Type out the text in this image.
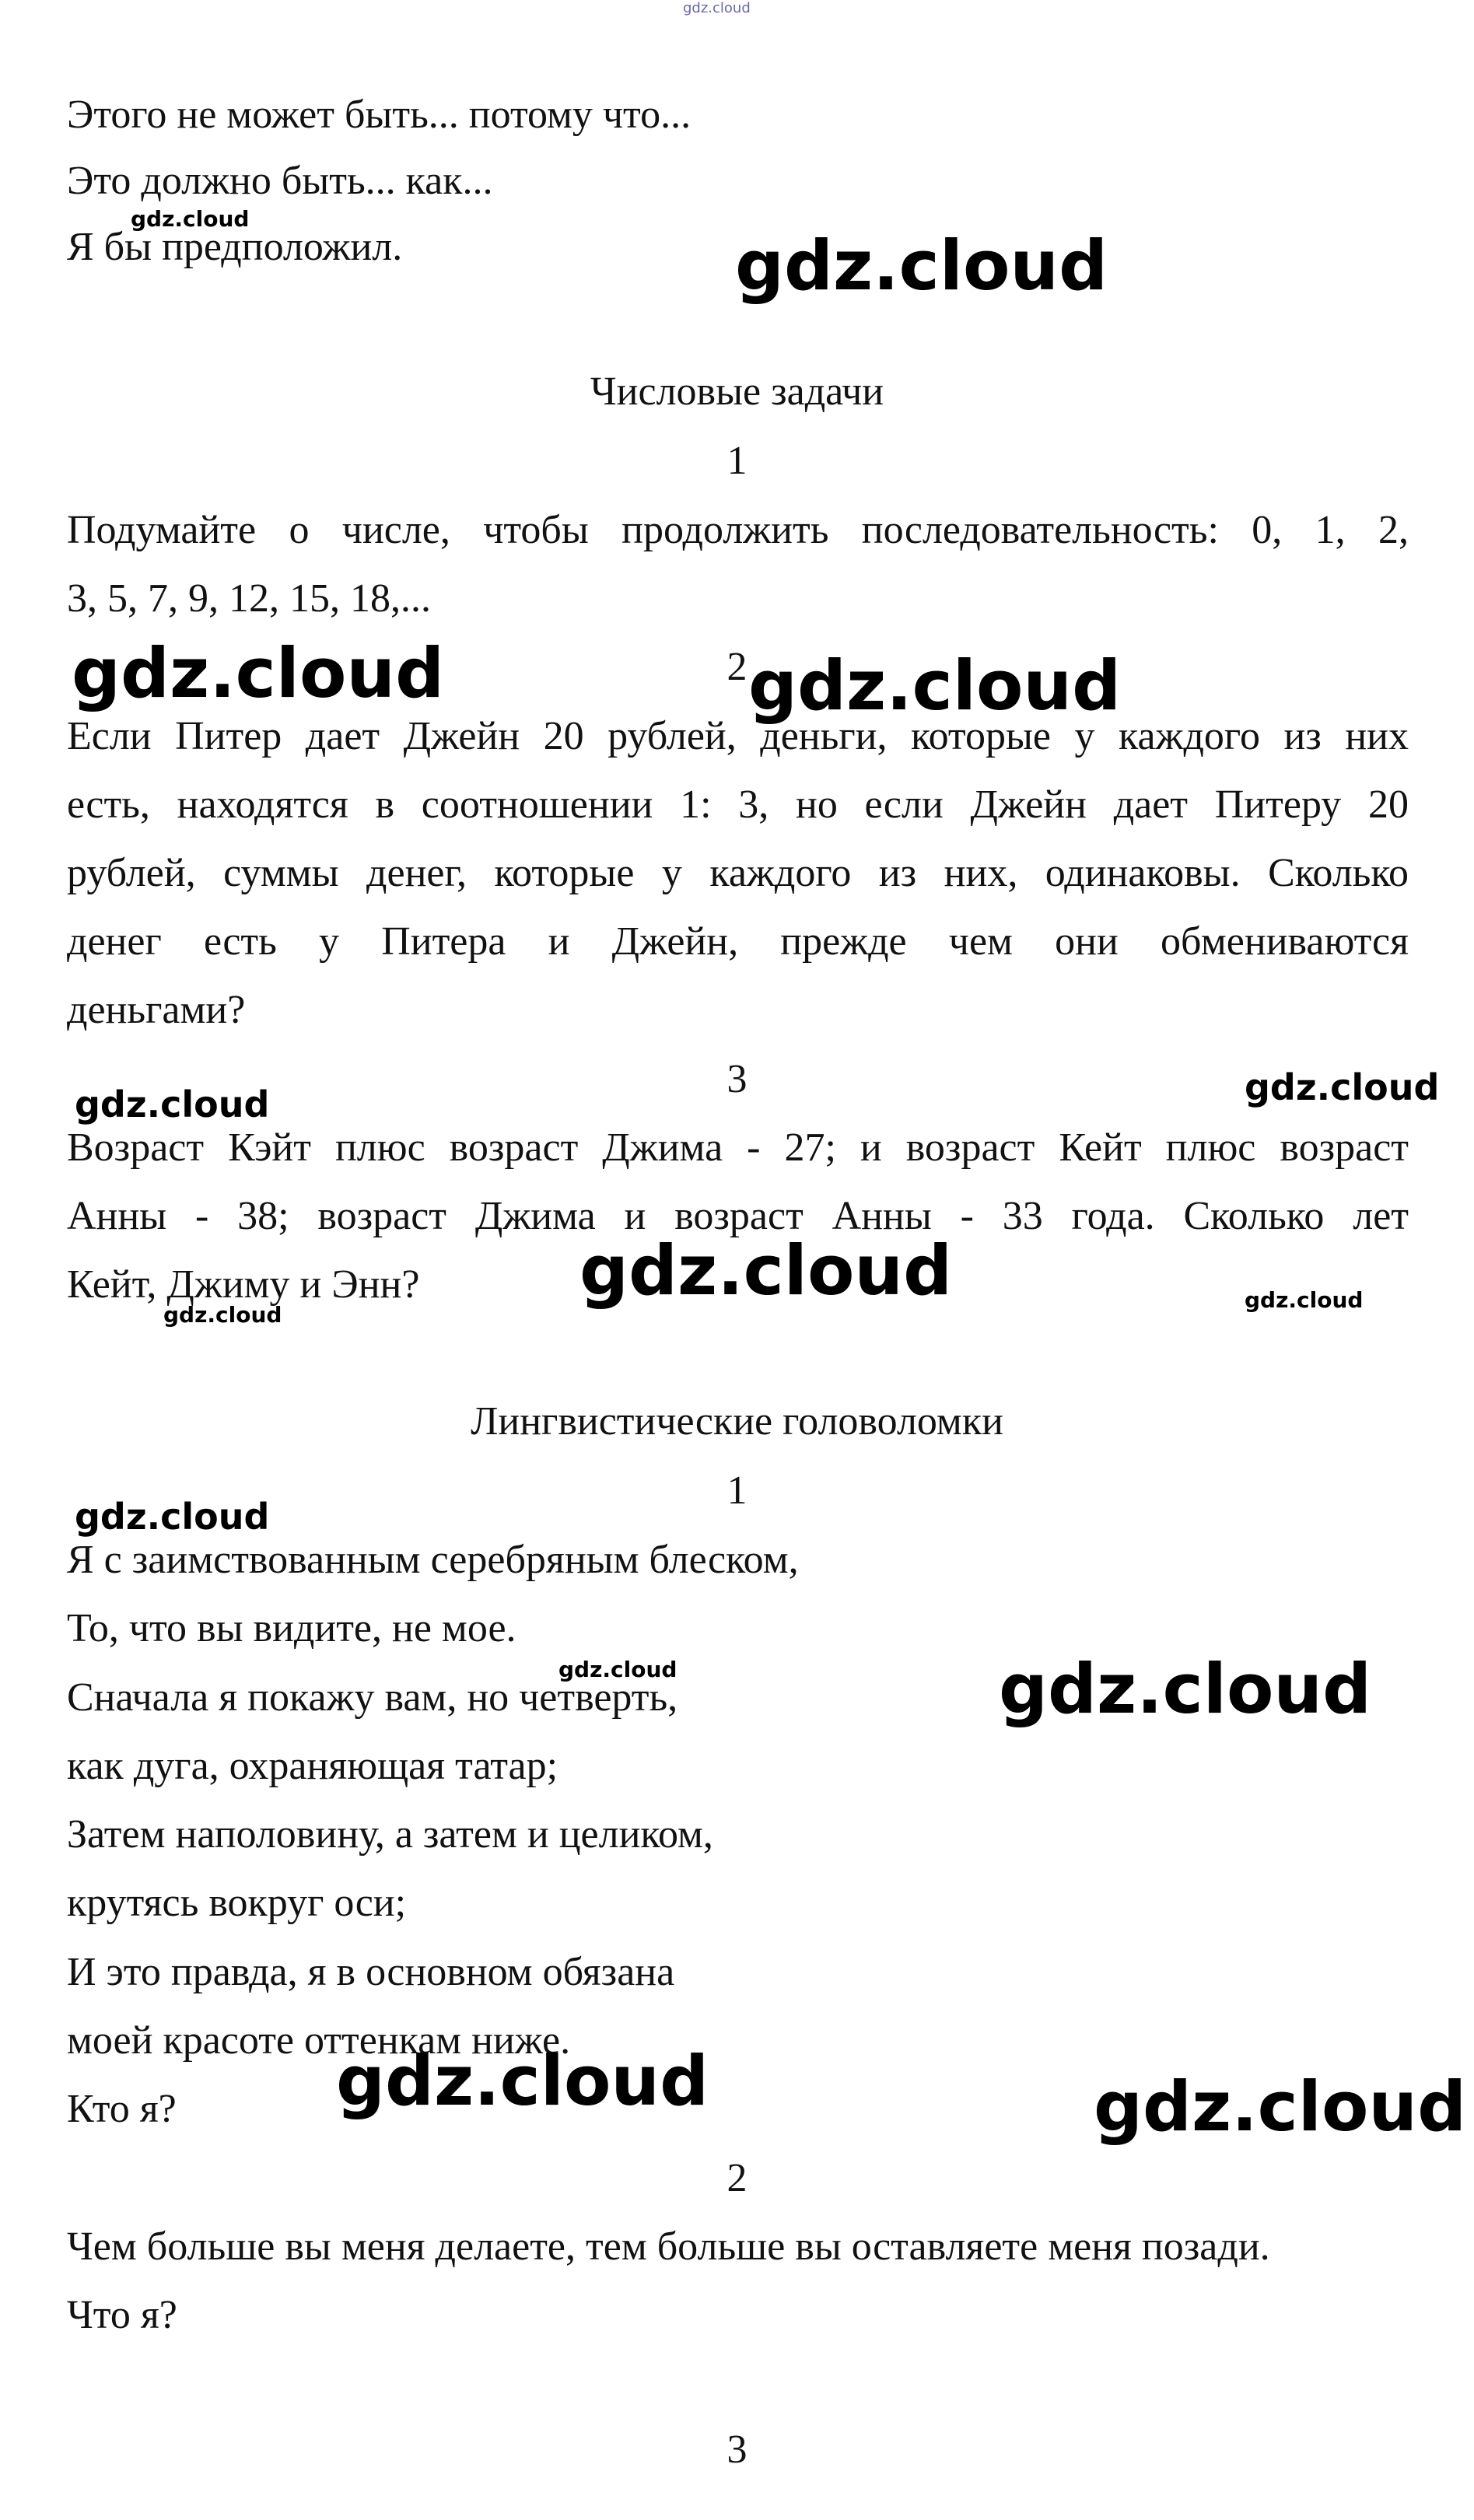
gdz.cloud
Этого не может быть... потому что...
Это должно быть... как...
Я бы предположил.
Числовые задачи
1
Подумайте о числе, чтобы продолжить последовательность: 0, 1, 2,
3, 5, 7, 9, 12, 15, 18,...
2
Если Питер дает Джейн 20 рублей, деньги, которые у каждого из них
есть, находятся в соотношении 1: 3, но если Джейн дает Питеру 20
рублей, суммы денег, которые у каждого из них, одинаковы. Сколько
денег есть у Питера и Джейн, прежде чем они обмениваются
деньгами?
3
Возраст Кэйт плюс возраст Джима - 27; и возраст Кейт плюс возраст
Анны - 38; возраст Джима и возраст Анны - 33 года. Сколько лет
Кейт, Джиму и Энн?
Лингвистические головоломки
1
Я с заимствованным серебряным блеском,
То, что вы видите, не мое.
Сначала я покажу вам, но четверть,
как дуга, охраняющая татар;
Затем наполовину, а затем и целиком,
крутясь вокруг оси;
И это правда, я в основном обязана
моей красоте оттенкам ниже.
Кто я?
2
Чем больше вы меня делаете, тем больше вы оставляете меня позади.
Что я?
3
gdz.cloud
gdz.cloud
gdz.cloud	gdz.cloud
gdz.cloud	gdz.cloud
gdz.cloud
gdz.cloud
gdz.cloud
gdz.cloud
gdz.cloud	gdz.cloud
gdz.cloud	gdz.cloud
